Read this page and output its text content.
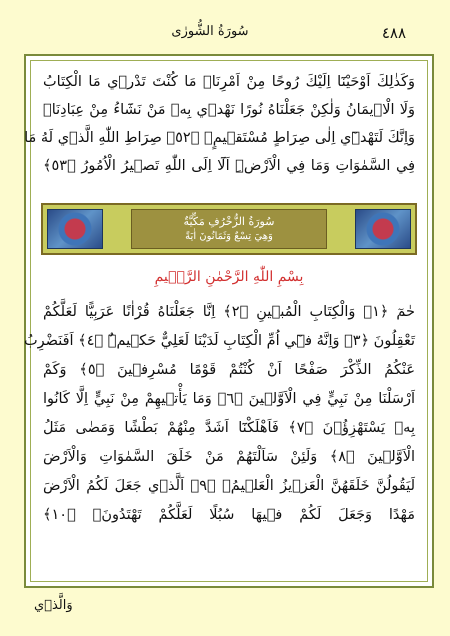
٤٨٨
سُورَةُ الشُّورٰى
وَكَذٰلِكَ اَوْحَيْنَٓا اِلَيْكَ رُوحًا مِنْ اَمْرِنَاۜ مَا كُنْتَ تَدْر۪ي مَا الْكِتَابُ
وَلَا الْا۪يمَانُ وَلٰكِنْ جَعَلْنَاهُ نُورًا نَهْد۪ي بِه۪ مَنْ نَشَٓاءُ مِنْ عِبَادِنَاۜ
وَاِنَّكَ لَتَهْد۪ٓي اِلٰى صِرَاطٍ مُسْتَق۪يمٍۙ ﴿٥٢﴾ صِرَاطِ اللّٰهِ الَّذ۪ي لَهُ مَا
فِي السَّمٰوَاتِ وَمَا فِي الْاَرْضِۜ اَلَٓا اِلَى اللّٰهِ تَص۪يرُ الْاُمُورُ ﴿٥٣﴾
سُورَةُ الزُّخْرُفِ مَكِّيَّةٌ
وَهِيَ تِسْعٌ وَثَمَانُونَ اٰيَةً
بِسْمِ اللّٰهِ الرَّحْمٰنِ الرَّح۪يمِ
حٰمٓ ﴿١﴾ وَالْكِتَابِ الْمُب۪ينِ ﴿٢﴾ اِنَّا جَعَلْنَاهُ قُرْاٰنًا عَرَبِيًّا لَعَلَّكُمْ
تَعْقِلُونَ ﴿٣﴾ وَاِنَّهُ ف۪ٓي اُمِّ الْكِتَابِ لَدَيْنَا لَعَلِيٌّ حَك۪يمٌۜ ﴿٤﴾ اَفَنَضْرِبُ
عَنْكُمُ الذِّكْرَ صَفْحًا اَنْ كُنْتُمْ قَوْمًا مُسْرِف۪ينَ ﴿٥﴾ وَكَمْ
اَرْسَلْنَا مِنْ نَبِيٍّ فِي الْاَوَّل۪ينَ ﴿٦﴾ وَمَا يَأْت۪يهِمْ مِنْ نَبِيٍّ اِلَّا كَانُوا
بِه۪ يَسْتَهْزِؤُ۫نَ ﴿٧﴾ فَاَهْلَكْنَٓا اَشَدَّ مِنْهُمْ بَطْشًا وَمَضٰى مَثَلُ
الْاَوَّل۪ينَ ﴿٨﴾ وَلَئِنْ سَاَلْتَهُمْ مَنْ خَلَقَ السَّمٰوَاتِ وَالْاَرْضَ
لَيَقُولُنَّ خَلَقَهُنَّ الْعَز۪يزُ الْعَل۪يمُۙ ﴿٩﴾ اَلَّذ۪ي جَعَلَ لَكُمُ الْاَرْضَ
مَهْدًا وَجَعَلَ لَكُمْ ف۪يهَا سُبُلًا لَعَلَّكُمْ تَهْتَدُونَۚ ﴿١٠﴾
وَالَّذ۪ي
